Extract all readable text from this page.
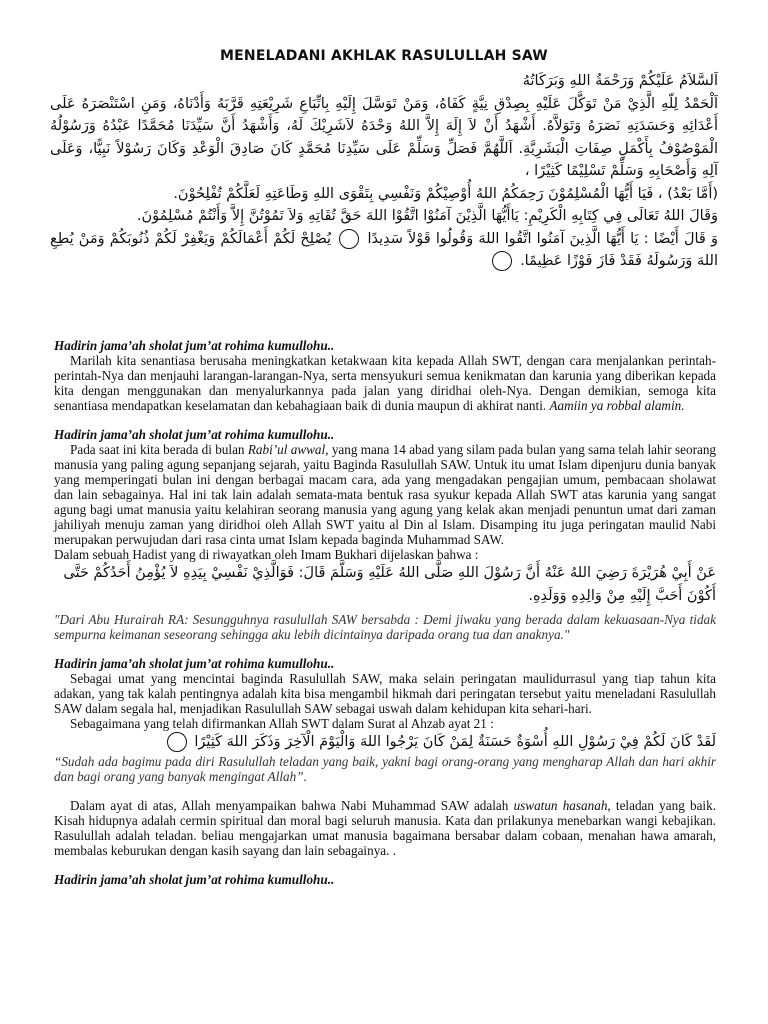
MENELADANI AKHLAK RASULULLAH SAW

اَلسَّلاَمُ عَلَيْكُمْ وَرَحْمَةُ اللهِ وَبَرَكَاتُهُ

اَلْحَمْدُ لِلّهِ الَّذِيْ مَنْ تَوَكَّلَ عَلَيْهِ بِصِدْقِ نِيَّةٍ كَفَاهُ، وَمَنْ تَوَسَّلَ إِلَيْهِ بِاتِّبَاعِ شَرِيْعَتِهِ قَرَّبَهُ وَأَدْنَاهُ، وَمَنِ اسْتَنْصَرَهُ عَلَى أَعْدَائِهِ وَحَسَدَتِهِ نَصَرَهُ وَتَوَلاَّهُ. أَشْهَدُ أَنْ لاَ إِلَهَ إِلاَّ اللهُ وَحْدَهُ لاَشَرِيْكَ لَهُ، وَأَشْهَدُ أَنَّ سَيِّدَنَا مُحَمَّدًا عَبْدُهُ وَرَسُوْلُهُ الْمَوْصُوْفُ بِأَكْمَلِ صِفَاتِ الْبَشَرِيَّةِ. اَللَّهُمَّ فَصَلِّ وَسَلِّمْ عَلَى سَيِّدِنَا مُحَمَّدٍ كَانَ صَادِقَ الْوَعْدِ وَكَانَ رَسُوْلاً نَبِيًّا، وَعَلَى آلِهِ وَأَصْحَابِهِ وَسَلِّمْ تَسْلِيْمًا كَثِيْرًا ،

(أَمَّا بَعْدُ) ، فَيَا أَيُّهَا الْمُسْلِمُوْنَ رَحِمَكُمُ اللهُ أُوْصِيْكُمْ وَنَفْسِي بِتَقْوَى اللهِ وَطَاعَتِهِ لَعَلَّكُمْ تُفْلِحُوْنَ.

وَقَالَ اللهُ تَعَالَى فِي كِتَابِهِ الْكَرِيْمِ: يَاأَيُّهَا الَّذِيْنَ آمَنُوْا اتَّقُوْا اللهَ حَقَّ تُقَاتِهِ وَلاَ تَمُوْتُنَّ إِلاَّ وَأَنْتُمْ مُسْلِمُوْنَ.

وَ قَالَ أَيْضًا : يَا أَيُّهَا الَّذِينَ آمَنُوا اتَّقُوا اللهَ وَقُولُوا قَوْلاً سَدِيدًا  يُصْلِحْ لَكُمْ أَعْمَالَكُمْ وَيَغْفِرْ لَكُمْ ذُنُوبَكُمْ وَمَنْ يُطِعِ اللهَ وَرَسُولَهُ فَقَدْ فَازَ فَوْزًا عَظِيمًا.

Hadirin jama’ah sholat jum’at rohima kumullohu..

Marilah kita senantiasa berusaha meningkatkan ketakwaan kita kepada Allah SWT, dengan cara menjalankan perintah-perintah-Nya dan menjauhi larangan-larangan-Nya, serta mensyukuri semua kenikmatan dan karunia yang diberikan kepada kita dengan menggunakan dan menyalurkannya pada jalan yang diridhai oleh-Nya. Dengan demikian, semoga kita senantiasa mendapatkan keselamatan dan kebahagiaan baik di dunia maupun di akhirat nanti. Aamiin ya robbal alamin.

Hadirin jama’ah sholat jum’at rohima kumullohu..

Pada saat ini kita berada di bulan Rabi’ul awwal, yang mana 14 abad yang silam pada bulan yang sama telah lahir seorang manusia yang paling agung sepanjang sejarah, yaitu Baginda Rasulullah SAW. Untuk itu umat Islam dipenjuru dunia banyak yang memperingati bulan ini dengan berbagai macam cara, ada yang mengadakan pengajian umum, pembacaan sholawat dan lain sebagainya. Hal ini tak lain adalah semata-mata bentuk rasa syukur kepada Allah SWT atas karunia yang sangat agung bagi umat manusia yaitu kelahiran seorang manusia yang agung yang kelak akan menjadi penuntun umat dari zaman jahiliyah menuju zaman yang diridhoi oleh Allah SWT yaitu al Din al Islam. Disamping itu juga peringatan maulid Nabi merupakan perwujudan dari rasa cinta umat Islam kepada baginda Muhammad SAW.

Dalam sebuah Hadist yang di riwayatkan oleh Imam Bukhari dijelaskan bahwa :

عَنْ أَبِيْ هُرَيْرَةَ رَضِيَ اللهُ عَنْهُ أَنَّ رَسُوْلَ اللهِ صَلَّى اللهُ عَلَيْهِ وَسَلَّمَ قَالَ: فَوَالَّذِيْ نَفْسِيْ بِيَدِهِ لاَ يُؤْمِنُ أَحَدُكُمْ حَتَّى أَكُوْنَ أَحَبَّ إِلَيْهِ مِنْ وَالِدِهِ وَوَلَدِهِ.

"Dari Abu Hurairah RA: Sesungguhnya rasulullah SAW bersabda : Demi jiwaku yang berada dalam kekuasaan-Nya tidak sempurna keimanan seseorang sehingga aku lebih dicintainya daripada orang tua dan anaknya."

Hadirin jama’ah sholat jum’at rohima kumullohu..

Sebagai umat yang mencintai baginda Rasulullah SAW, maka selain peringatan maulidurrasul yang tiap tahun kita adakan, yang tak kalah pentingnya adalah kita bisa mengambil hikmah dari peringatan tersebut yaitu meneladani Rasulullah SAW dalam segala hal, menjadikan Rasulullah SAW sebagai uswah dalam kehidupan kita sehari-hari.

Sebagaimana yang telah difirmankan Allah SWT dalam Surat al Ahzab ayat 21 :

لَقَدْ كَانَ لَكُمْ فِيْ رَسُوْلِ اللهِ أُسْوَةٌ حَسَنَةٌ لِمَنْ كَانَ يَرْجُوا اللهَ وَالْيَوْمَ الْآخِرَ وَذَكَرَ اللهَ كَثِيْرًا

“Sudah ada bagimu pada diri Rasulullah teladan yang baik, yakni bagi orang-orang yang mengharap Allah dan hari akhir dan bagi orang yang banyak mengingat Allah”.

Dalam ayat di atas, Allah menyampaikan bahwa Nabi Muhammad SAW adalah uswatun hasanah, teladan yang baik. Kisah hidupnya adalah cermin spiritual dan moral bagi seluruh manusia. Kata dan prilakunya menebarkan wangi kebajikan. Rasulullah adalah teladan. beliau mengajarkan umat manusia bagaimana bersabar dalam cobaan, menahan hawa amarah, membalas keburukan dengan kasih sayang dan lain sebagainya. .

Hadirin jama’ah sholat jum’at rohima kumullohu..
